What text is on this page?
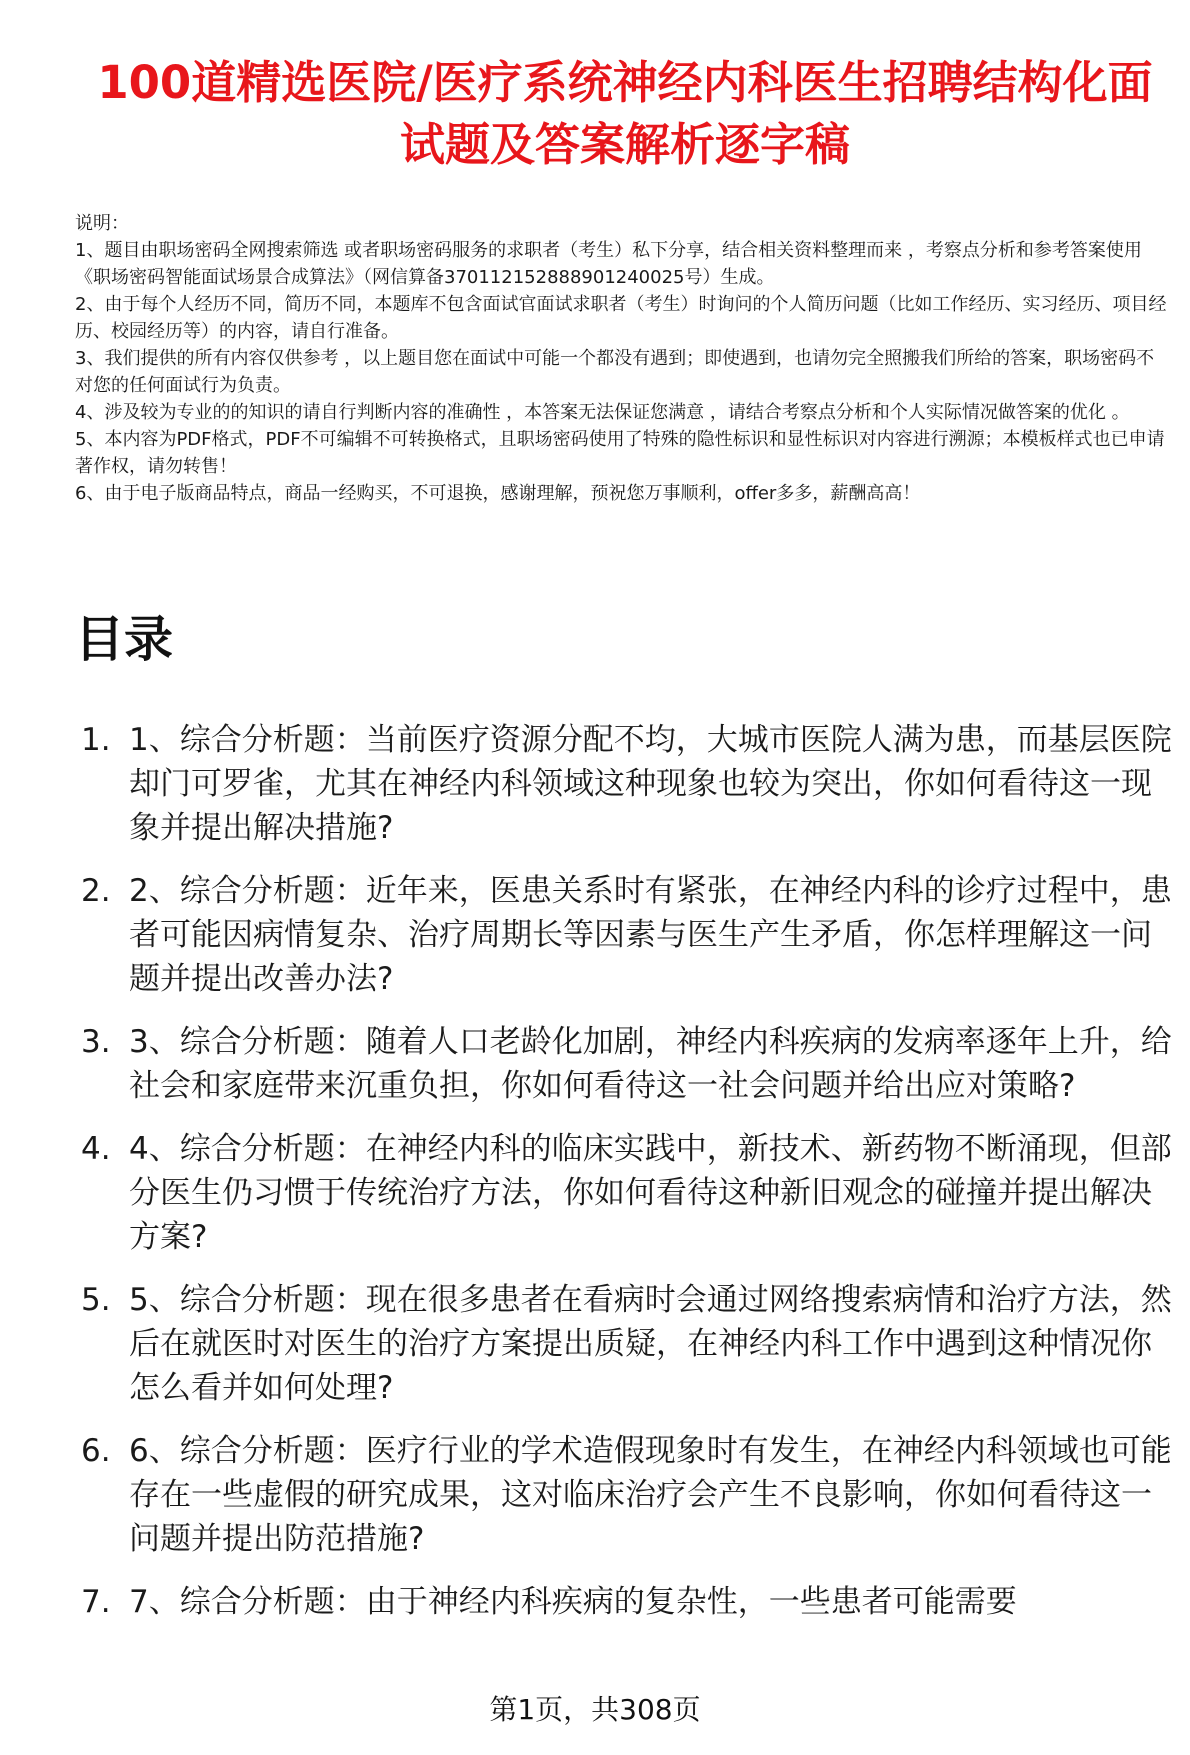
100道精选医院/医疗系统神经内科医生招聘结构化面试题及答案解析逐字稿

说明：

1、题目由职场密码全网搜索筛选 或者职场密码服务的求职者（考生）私下分享，结合相关资料整理而来 ，考察点分析和参考答案使用《职场密码智能面试场景合成算法》（网信算备370112152888901240025号）生成。

2、由于每个人经历不同，简历不同，本题库不包含面试官面试求职者（考生）时询问的个人简历问题（比如工作经历、实习经历、项目经历、校园经历等）的内容，请自行准备。

3、我们提供的所有内容仅供参考 ，以上题目您在面试中可能一个都没有遇到；即使遇到，也请勿完全照搬我们所给的答案，职场密码不对您的任何面试行为负责。

4、涉及较为专业的的知识的请自行判断内容的准确性 ，本答案无法保证您满意 ，请结合考察点分析和个人实际情况做答案的优化 。

5、本内容为PDF格式，PDF不可编辑不可转换格式，且职场密码使用了特殊的隐性标识和显性标识对内容进行溯源；本模板样式也已申请著作权，请勿转售！

6、由于电子版商品特点，商品一经购买，不可退换，感谢理解，预祝您万事顺利，offer多多，薪酬高高！

目录
1. 1、综合分析题：当前医疗资源分配不均，大城市医院人满为患，而基层医院却门可罗雀，尤其在神经内科领域这种现象也较为突出，你如何看待这一现象并提出解决措施?
2. 2、综合分析题：近年来，医患关系时有紧张，在神经内科的诊疗过程中，患者可能因病情复杂、治疗周期长等因素与医生产生矛盾，你怎样理解这一问题并提出改善办法?
3. 3、综合分析题：随着人口老龄化加剧，神经内科疾病的发病率逐年上升，给社会和家庭带来沉重负担，你如何看待这一社会问题并给出应对策略?
4. 4、综合分析题：在神经内科的临床实践中，新技术、新药物不断涌现，但部分医生仍习惯于传统治疗方法，你如何看待这种新旧观念的碰撞并提出解决方案?
5. 5、综合分析题：现在很多患者在看病时会通过网络搜索病情和治疗方法，然后在就医时对医生的治疗方案提出质疑，在神经内科工作中遇到这种情况你怎么看并如何处理?
6. 6、综合分析题：医疗行业的学术造假现象时有发生，在神经内科领域也可能存在一些虚假的研究成果，这对临床治疗会产生不良影响，你如何看待这一问题并提出防范措施?
7. 7、综合分析题：由于神经内科疾病的复杂性，一些患者可能需要
第1页，共308页
